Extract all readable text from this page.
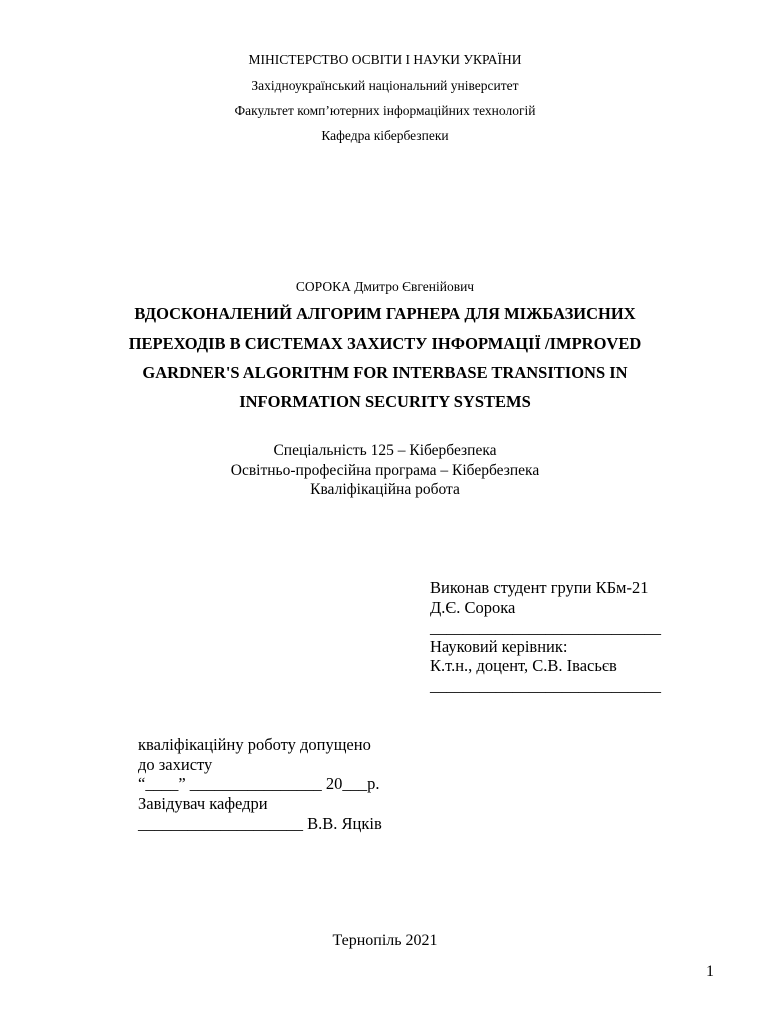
МІНІСТЕРСТВО ОСВІТИ І НАУКИ УКРАЇНИ
Західноукраїнський національний університет
Факультет комп’ютерних інформаційних технологій
Кафедра кібербезпеки
СОРОКА Дмитро Євгенійович
ВДОСКОНАЛЕНИЙ АЛГОРИМ ГАРНЕРА ДЛЯ МІЖБАЗИСНИХ
ПЕРЕХОДІВ В СИСТЕМАХ ЗАХИСТУ ІНФОРМАЦІЇ /IMPROVED
GARDNER'S ALGORITHM FOR INTERBASE TRANSITIONS IN
INFORMATION SECURITY SYSTEMS
Спеціальність 125 – Кібербезпека
Освітньо-професійна програма – Кібербезпека
Кваліфікаційна робота
Виконав студент групи КБм-21
Д.Є. Сорока
____________________________
Науковий керівник:
К.т.н., доцент, С.В. Івасьєв
____________________________
кваліфікаційну роботу допущено
до захисту
“____” ________________ 20___р.
Завідувач кафедри
____________________ В.В. Яцків
Тернопіль 2021
1
